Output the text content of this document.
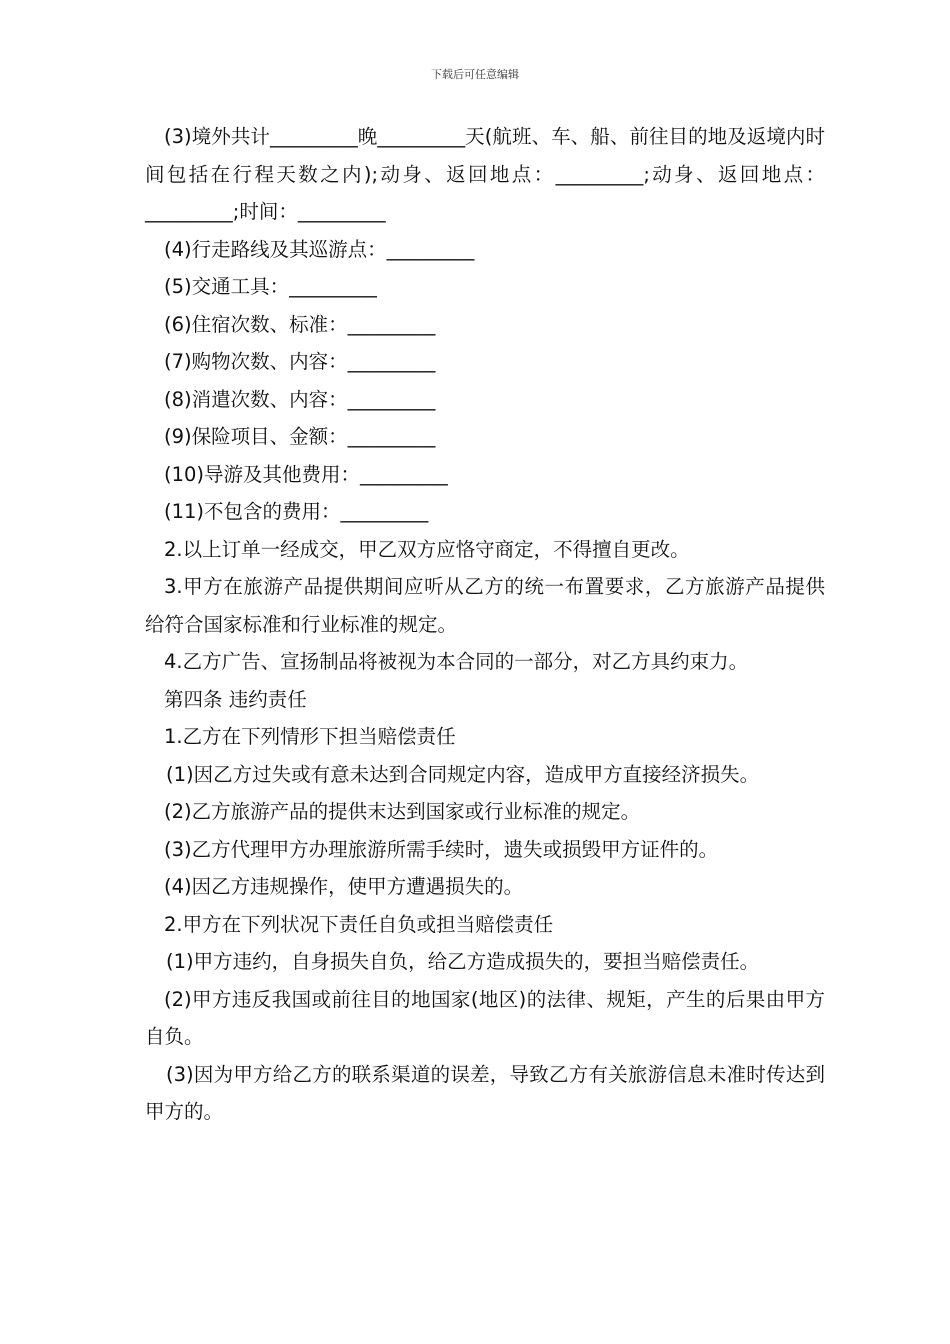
下载后可任意编辑

(3)境外共计_________晚_________天(航班、车、船、前往目的地及返境内时间包括在行程天数之内);动身、返回地点：_________;动身、返回地点：_________;时间：_________

(4)行走路线及其巡游点：_________

(5)交通工具：_________

(6)住宿次数、标准：_________

(7)购物次数、内容：_________

(8)消遣次数、内容：_________

(9)保险项目、金额：_________

(10)导游及其他费用：_________

(11)不包含的费用：_________

2.以上订单一经成交，甲乙双方应恪守商定，不得擅自更改。

3.甲方在旅游产品提供期间应听从乙方的统一布置要求，乙方旅游产品提供给符合国家标准和行业标准的规定。

4.乙方广告、宣扬制品将被视为本合同的一部分，对乙方具约束力。

第四条 违约责任

1.乙方在下列情形下担当赔偿责任

(1)因乙方过失或有意未达到合同规定内容，造成甲方直接经济损失。

(2)乙方旅游产品的提供末达到国家或行业标准的规定。

(3)乙方代理甲方办理旅游所需手续时，遗失或损毁甲方证件的。

(4)因乙方违规操作，使甲方遭遇损失的。

2.甲方在下列状况下责任自负或担当赔偿责任

(1)甲方违约，自身损失自负，给乙方造成损失的，要担当赔偿责任。

(2)甲方违反我国或前往目的地国家(地区)的法律、规矩，产生的后果由甲方自负。

(3)因为甲方给乙方的联系渠道的误差，导致乙方有关旅游信息未准时传达到甲方的。
